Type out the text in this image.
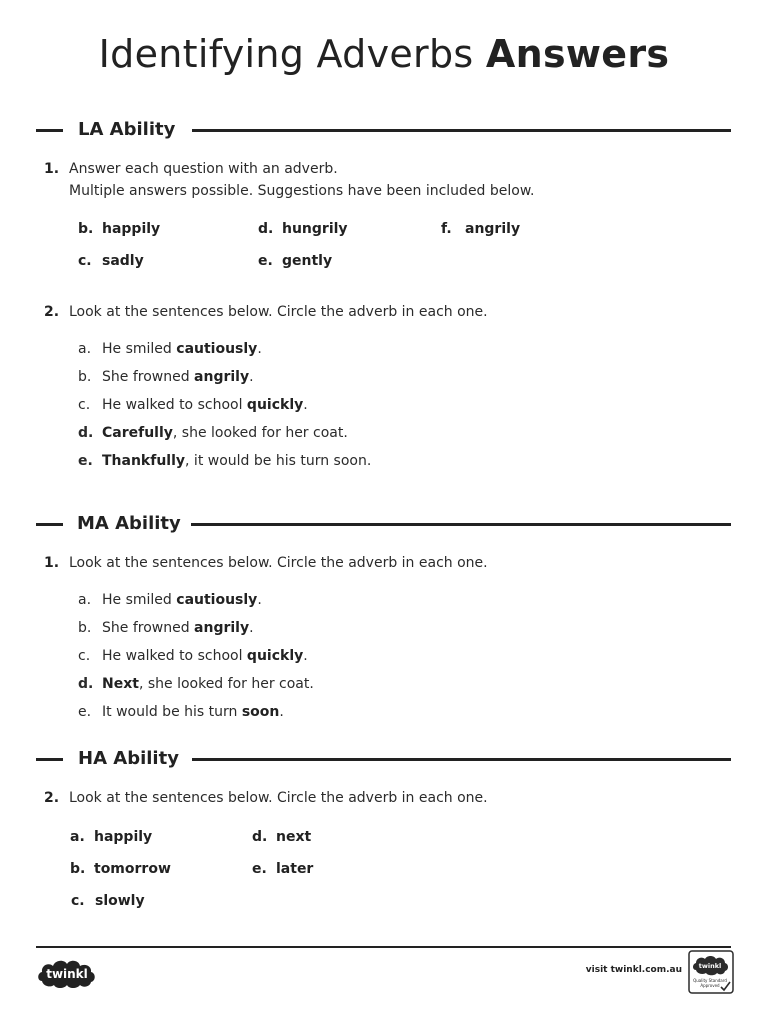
Identifying Adverbs Answers
LA Ability
1. Answer each question with an adverb.
Multiple answers possible. Suggestions have been included below.
b. happily	d. hungrily	f. angrily
c. sadly	e. gently
2. Look at the sentences below. Circle the adverb in each one.
a. He smiled cautiously.
b. She frowned angrily.
c. He walked to school quickly.
d. Carefully, she looked for her coat.
e. Thankfully, it would be his turn soon.
MA Ability
1. Look at the sentences below. Circle the adverb in each one.
a. He smiled cautiously.
b. She frowned angrily.
c. He walked to school quickly.
d. Next, she looked for her coat.
e. It would be his turn soon.
HA Ability
2. Look at the sentences below. Circle the adverb in each one.
a. happily	d. next
b. tomorrow	e. later
c. slowly
twinkl	visit twinkl.com.au	twinkl
Quality Standard
Approved
